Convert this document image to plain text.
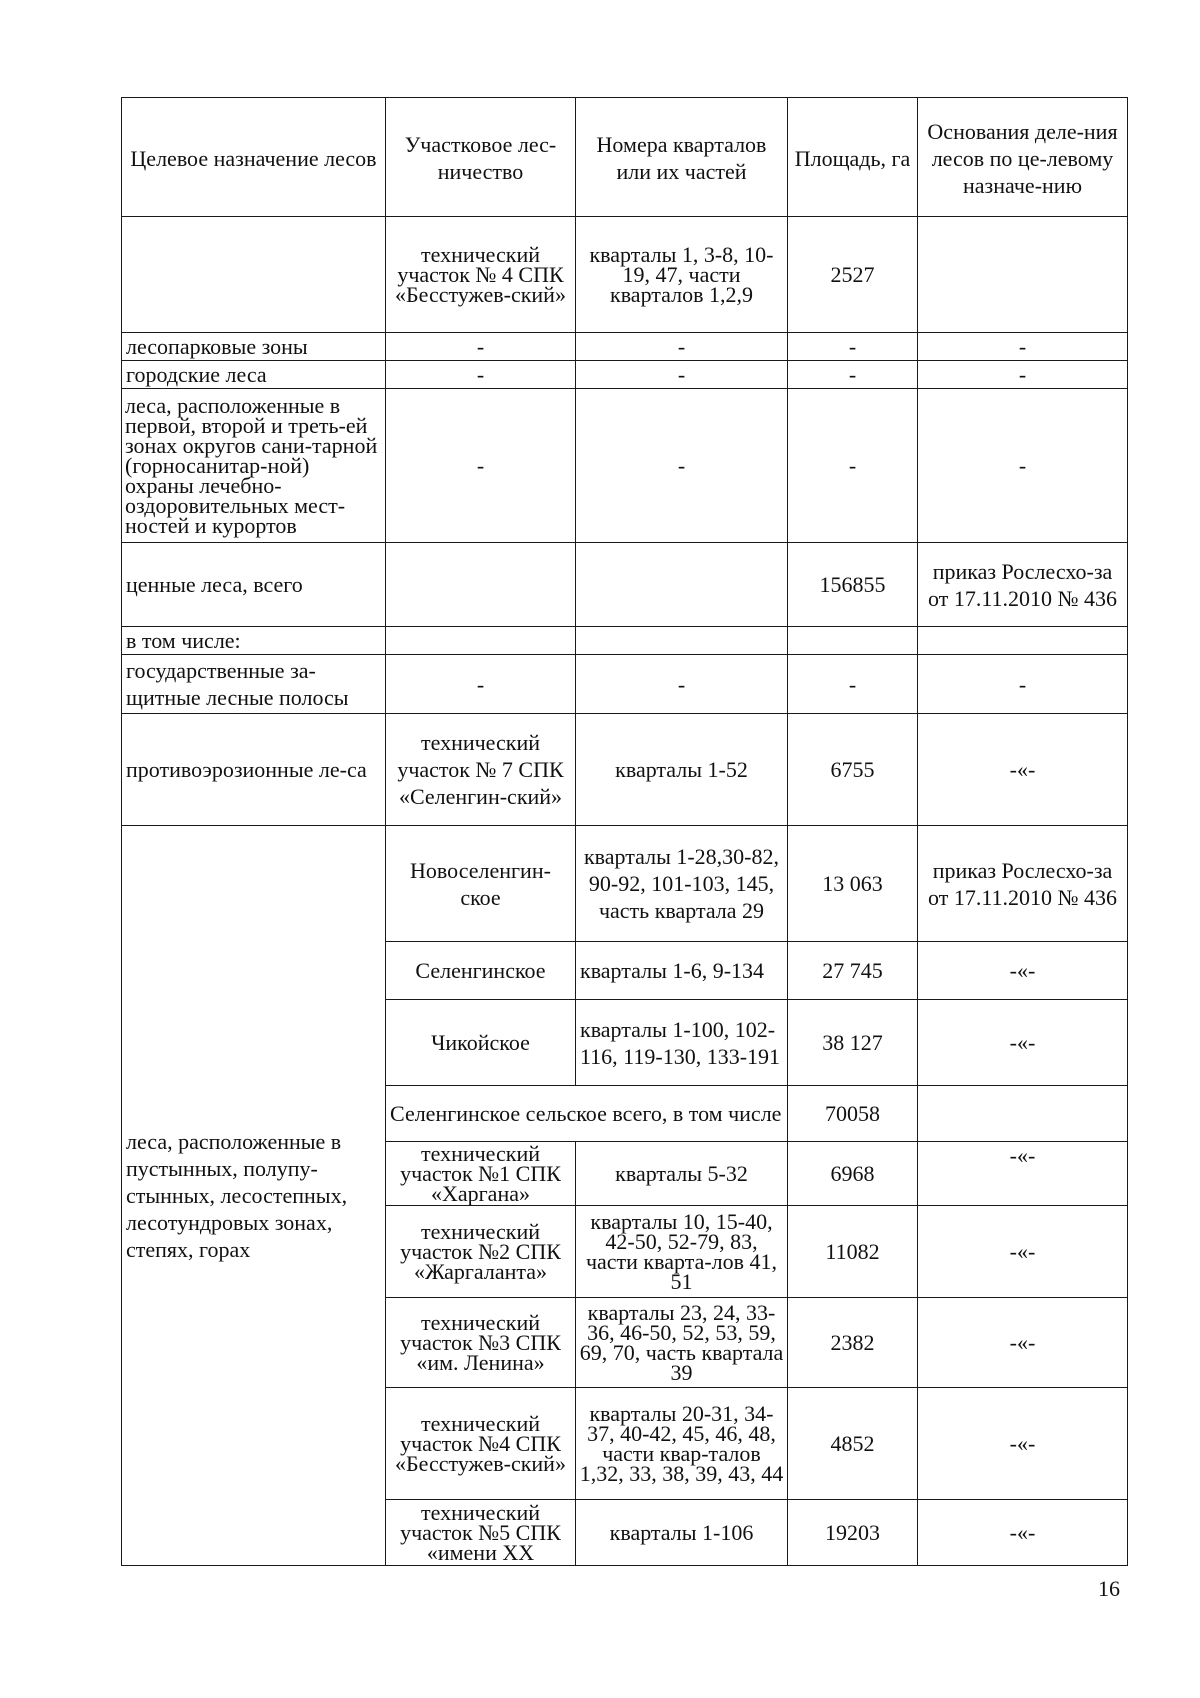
Целевое назначение лесов	Участковое лес-ничество	Номера кварталов или их частей	Площадь, га	Основания деле-ния лесов по це-левому назначе-нию
	технический участок № 4 СПК «Бесстужев-ский»	кварталы 1, 3-8, 10-19, 47, части кварталов 1,2,9	2527	
лесопарковые зоны	-	-	-	-
городские леса	-	-	-	-
леса, расположенные в первой, второй и треть-ей зонах округов сани-тарной (горносанитар-ной) охраны лечебно-оздоровительных мест-ностей и курортов	-	-	-	-
ценные леса, всего			156855	приказ Рослесхо-за от 17.11.2010 № 436
в том числе:				
государственные за-щитные лесные полосы	-	-	-	-
противоэрозионные ле-са	технический участок № 7 СПК «Селенгин-ский»	кварталы 1-52	6755	-«-
леса, расположенные в пустынных, полупу-стынных, лесостепных, лесотундровых зонах, степях, горах	Новоселенгин-ское	кварталы 1-28,30-82, 90-92, 101-103, 145, часть квартала 29	13 063	приказ Рослесхо-за от 17.11.2010 № 436
	Селенгинское	кварталы 1-6, 9-134	27 745	-«-
	Чикойское	кварталы 1-100, 102-116, 119-130, 133-191	38 127	-«-
	Селенгинское сельское всего, в том числе		70058	
	технический участок №1 СПК «Харгана»	кварталы 5-32	6968	-«-
	технический участок №2 СПК «Жаргаланта»	кварталы 10, 15-40, 42-50, 52-79, 83, части кварта-лов 41, 51	11082	-«-
	технический участок №3 СПК «им. Ленина»	кварталы 23, 24, 33-36, 46-50, 52, 53, 59, 69, 70, часть квартала 39	2382	-«-
	технический участок №4 СПК «Бесстужев-ский»	кварталы 20-31, 34-37, 40-42, 45, 46, 48, части квар-талов 1,32, 33, 38, 39, 43, 44	4852	-«-
	технический участок №5 СПК «имени XX	кварталы 1-106	19203	-«-
16
